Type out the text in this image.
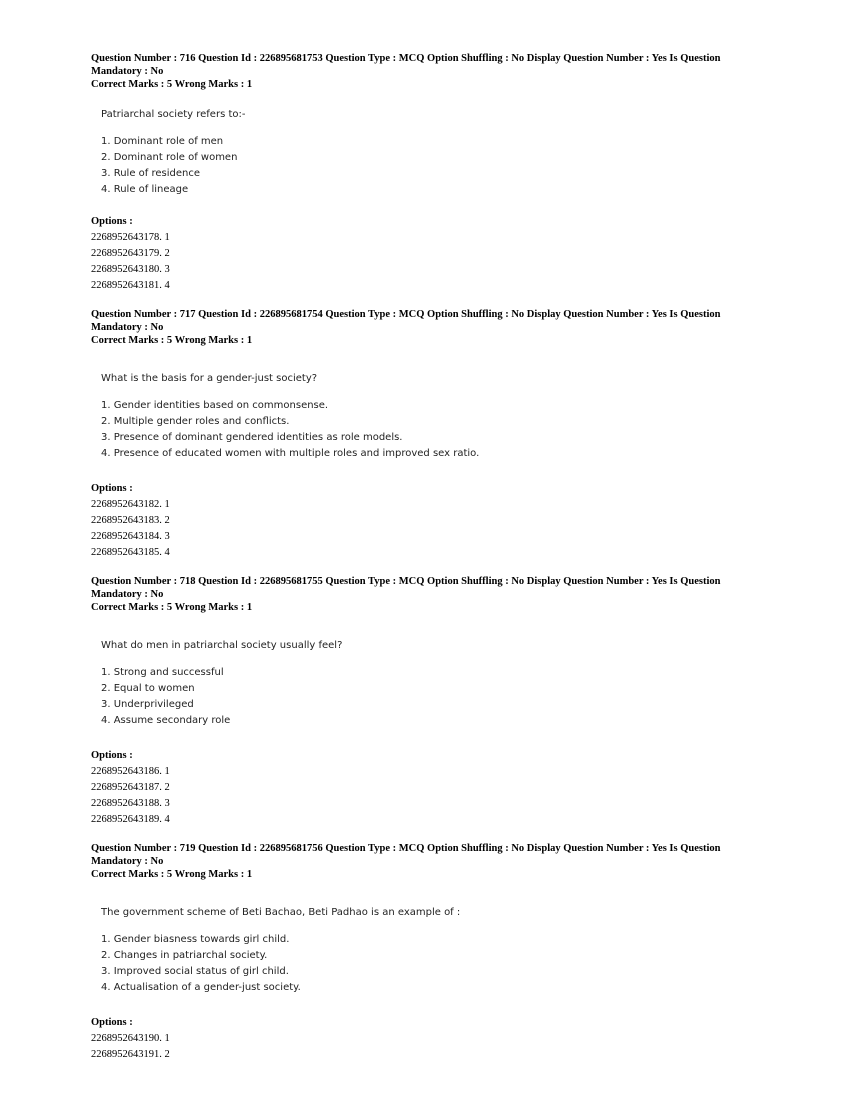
Question Number : 716 Question Id : 226895681753 Question Type : MCQ Option Shuffling : No Display Question Number : Yes Is Question Mandatory : No

Correct Marks : 5 Wrong Marks : 1

Patriarchal society refers to:-

1. Dominant role of men
2. Dominant role of women
3. Rule of residence
4. Rule of lineage
Options :
2268952643178. 1
2268952643179. 2
2268952643180. 3
2268952643181. 4

Question Number : 717 Question Id : 226895681754 Question Type : MCQ Option Shuffling : No Display Question Number : Yes Is Question Mandatory : No

Correct Marks : 5 Wrong Marks : 1

What is the basis for a gender-just society?

1. Gender identities based on commonsense.
2. Multiple gender roles and conflicts.
3. Presence of dominant gendered identities as role models.
4. Presence of educated women with multiple roles and improved sex ratio.
Options :
2268952643182. 1
2268952643183. 2
2268952643184. 3
2268952643185. 4

Question Number : 718 Question Id : 226895681755 Question Type : MCQ Option Shuffling : No Display Question Number : Yes Is Question Mandatory : No

Correct Marks : 5 Wrong Marks : 1

What do men in patriarchal society usually feel?

1. Strong and successful
2. Equal to women
3. Underprivileged
4. Assume secondary role
Options :
2268952643186. 1
2268952643187. 2
2268952643188. 3
2268952643189. 4

Question Number : 719 Question Id : 226895681756 Question Type : MCQ Option Shuffling : No Display Question Number : Yes Is Question Mandatory : No

Correct Marks : 5 Wrong Marks : 1

The government scheme of Beti Bachao, Beti Padhao is an example of :

1. Gender biasness towards girl child.
2. Changes in patriarchal society.
3. Improved social status of girl child.
4. Actualisation of a gender-just society.
Options :
2268952643190. 1
2268952643191. 2
